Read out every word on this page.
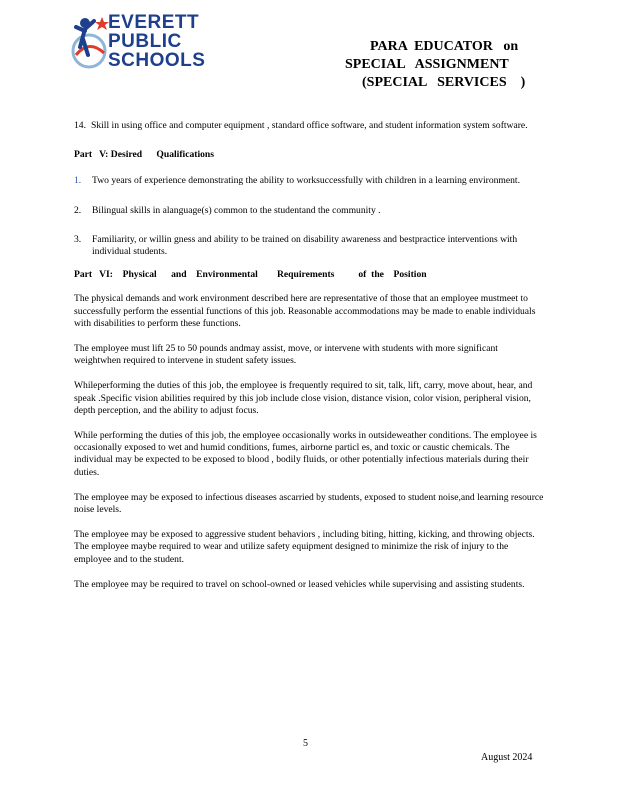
EVERETT
PUBLIC
SCHOOLS
PARA  EDUCATOR   on
SPECIAL   ASSIGNMENT
(SPECIAL   SERVICES    )
14. Skill in using office and computer equipment , standard office software, and student information system software.
Part   V: Desired      Qualifications
1. Two years of experience demonstrating the ability to worksuccessfully with children in a learning environment.
2. Bilingual skills in alanguage(s) common to the studentand the community .
3. Familiarity, or willin gness and ability to be trained on disability awareness and bestpractice interventions with individual students.
Part   VI:    Physical      and    Environmental        Requirements          of  the    Position

The physical demands and work environment described here are representative of those that an employee mustmeet to successfully perform the essential functions of this job. Reasonable accommodations may be made to enable individuals with disabilities to perform these functions.

The employee must lift 25 to 50 pounds andmay assist, move, or intervene with students with more significant weightwhen required to intervene in student safety issues.

Whileperforming the duties of this job, the employee is frequently required to sit, talk, lift, carry, move about, hear, and speak .Specific vision abilities required by this job include close vision, distance vision, color vision, peripheral vision, depth perception, and the ability to adjust focus.

While performing the duties of this job, the employee occasionally works in outsideweather conditions. The employee is occasionally exposed to wet and humid conditions, fumes, airborne particl es, and toxic or caustic chemicals. The individual may be expected to be exposed to blood , bodily fluids, or other potentially infectious materials during their duties.

The employee may be exposed to infectious diseases ascarried by students, exposed to student noise,and learning resource noise levels.

The employee may be exposed to aggressive student behaviors , including biting, hitting, kicking, and throwing objects. The employee maybe required to wear and utilize safety equipment designed to minimize the risk of injury to the employee and to the student.

The employee may be required to travel on school-owned or leased vehicles while supervising and assisting students.

5
August 2024
